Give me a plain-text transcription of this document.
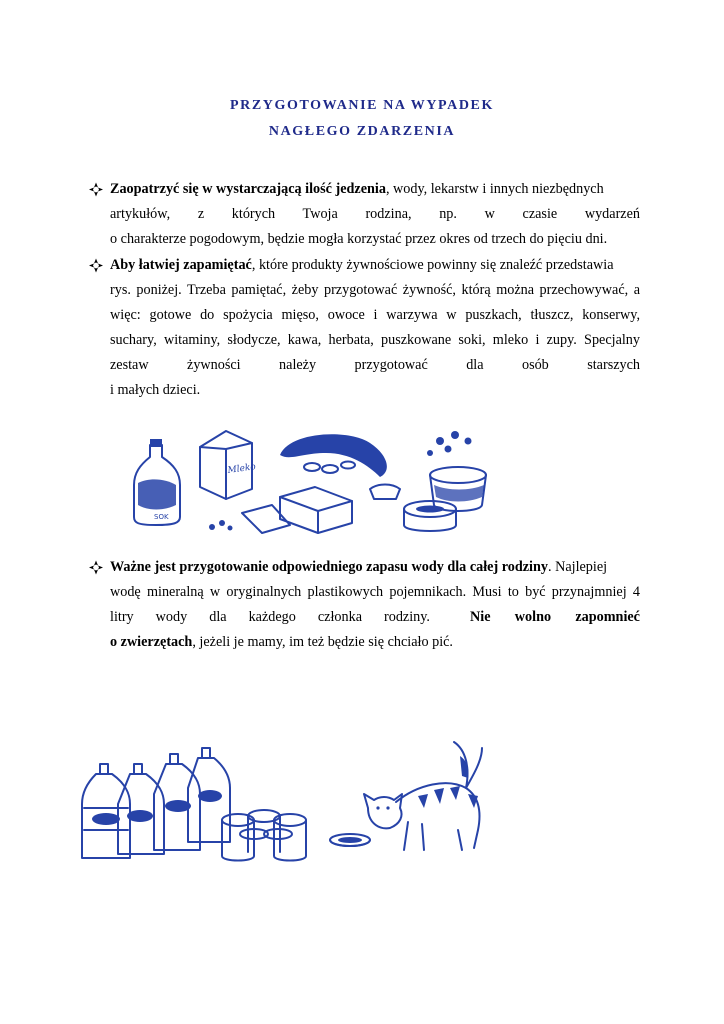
PRZYGOTOWANIE NA WYPADEK
NAGŁEGO ZDARZENIA
Zaopatrzyć się w wystarczającą ilość jedzenia, wody, lekarstw i innych niezbędnych
artykułów, z których Twoja rodzina, np. w czasie wydarzeń
o charakterze pogodowym, będzie mogła korzystać przez okres od trzech do pięciu dni.
Aby łatwiej zapamiętać, które produkty żywnościowe powinny się znaleźć przedstawia
rys. poniżej. Trzeba pamiętać, żeby przygotować żywność, którą można przechowywać, a
więc: gotowe do spożycia mięso, owoce i warzywa w puszkach, tłuszcz, konserwy,
suchary, witaminy, słodycze, kawa, herbata, puszkowane soki, mleko i zupy. Specjalny
zestaw żywności należy przygotować dla osób starszych
i małych dzieci.
SOK
Mleko
Ważne jest przygotowanie odpowiedniego zapasu wody dla całej rodziny. Najlepiej
wodę mineralną w oryginalnych plastikowych pojemnikach. Musi to być przynajmniej 4
litry wody dla każdego członka rodziny.	Nie wolno zapomnieć
o zwierzętach, jeżeli je mamy, im też będzie się chciało pić.
